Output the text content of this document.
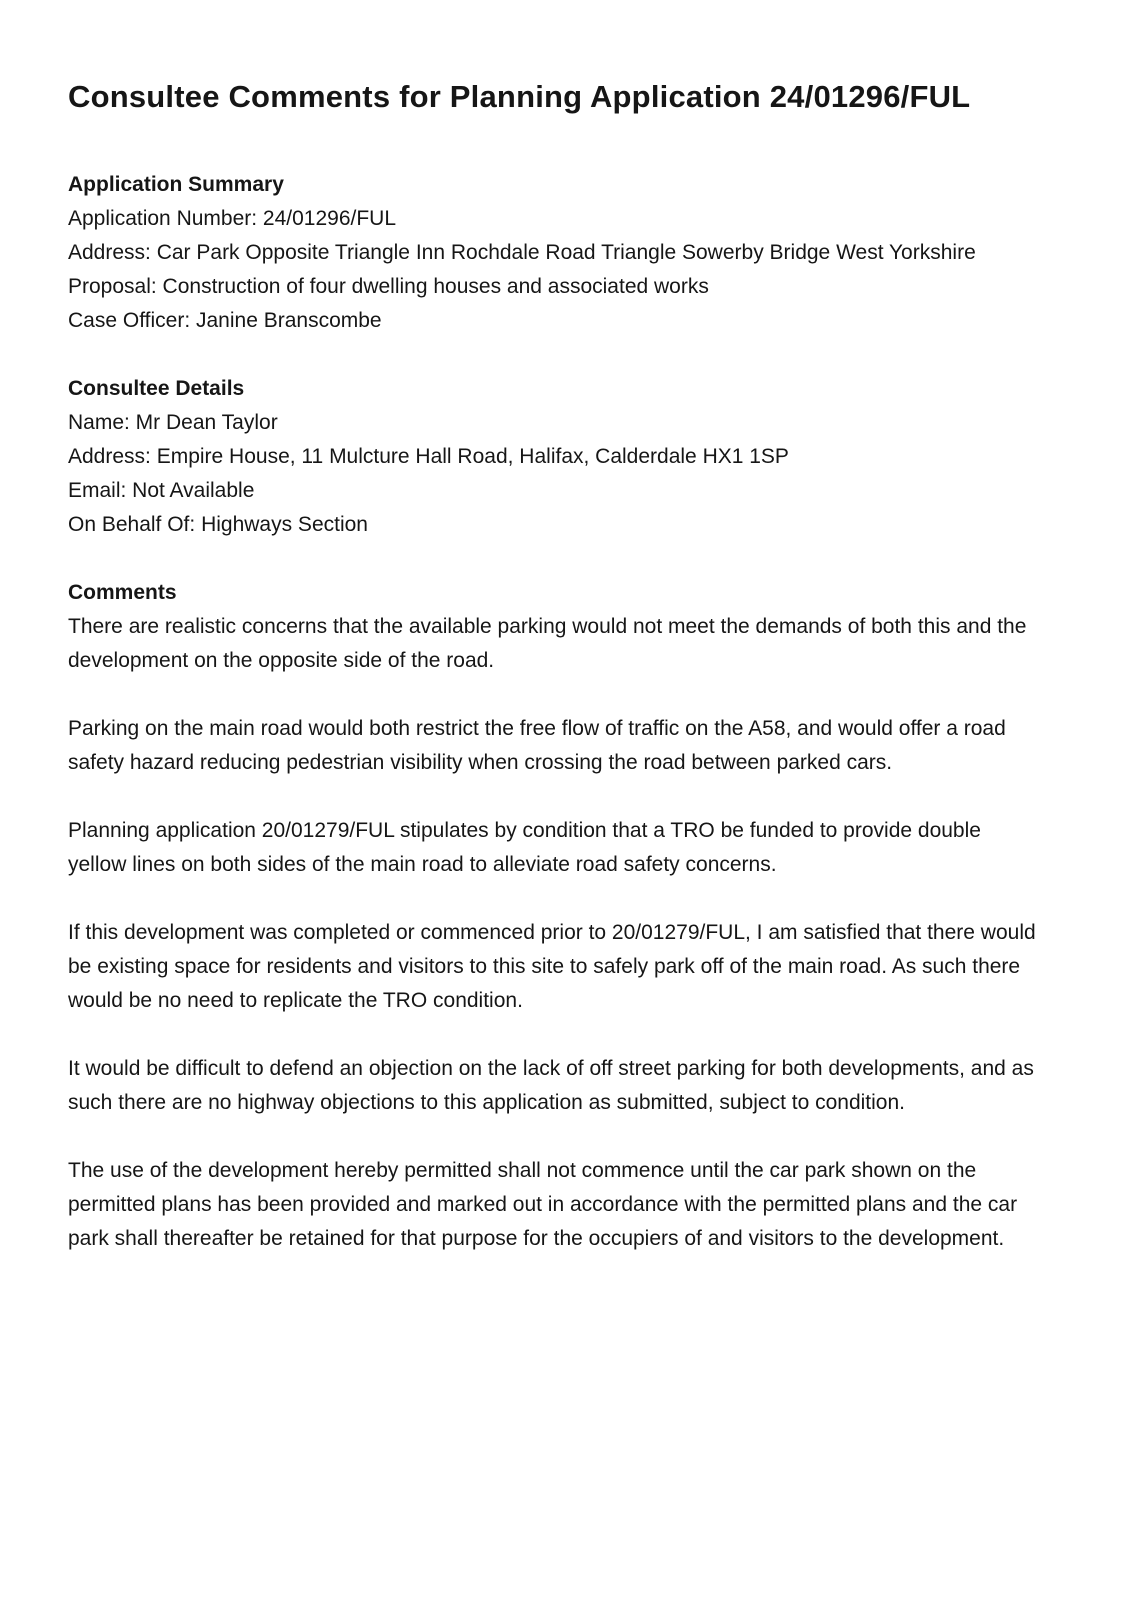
Consultee Comments for Planning Application 24/01296/FUL
Application Summary
Application Number: 24/01296/FUL
Address: Car Park Opposite Triangle Inn Rochdale Road Triangle Sowerby Bridge West Yorkshire
Proposal: Construction of four dwelling houses and associated works
Case Officer: Janine Branscombe
Consultee Details
Name: Mr Dean Taylor
Address: Empire House, 11 Mulcture Hall Road, Halifax, Calderdale HX1 1SP
Email: Not Available
On Behalf Of: Highways Section
Comments

There are realistic concerns that the available parking would not meet the demands of both this and the development on the opposite side of the road.

Parking on the main road would both restrict the free flow of traffic on the A58, and would offer a road safety hazard reducing pedestrian visibility when crossing the road between parked cars.

Planning application 20/01279/FUL stipulates by condition that a TRO be funded to provide double yellow lines on both sides of the main road to alleviate road safety concerns.

If this development was completed or commenced prior to 20/01279/FUL, I am satisfied that there would be existing space for residents and visitors to this site to safely park off of the main road. As such there would be no need to replicate the TRO condition.

It would be difficult to defend an objection on the lack of off street parking for both developments, and as such there are no highway objections to this application as submitted, subject to condition.

The use of the development hereby permitted shall not commence until the car park shown on the permitted plans has been provided and marked out in accordance with the permitted plans and the car park shall thereafter be retained for that purpose for the occupiers of and visitors to the development.
